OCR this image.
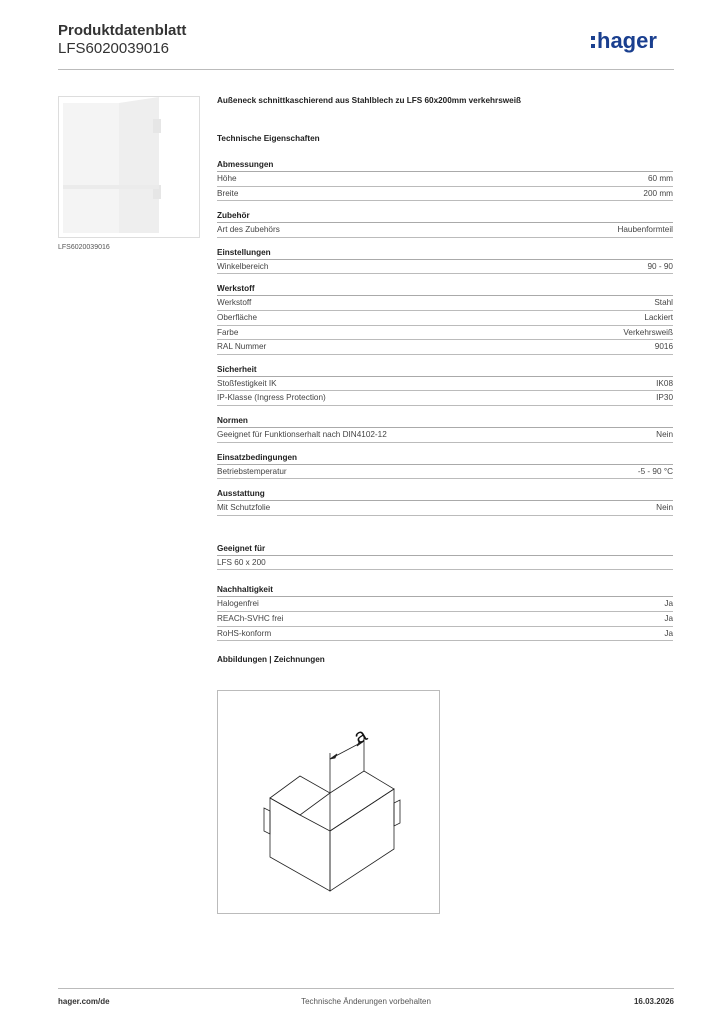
Produktdatenblatt
LFS6020039016	hager
LFS6020039016
Außeneck schnittkaschierend aus Stahlblech zu LFS 60x200mm verkehrsweiß
Technische Eigenschaften
Abmessungen
Höhe	60 mm
Breite	200 mm
Zubehör
Art des Zubehörs	Haubenformteil
Einstellungen
Winkelbereich	90 - 90
Werkstoff
Werkstoff	Stahl
Oberfläche	Lackiert
Farbe	Verkehrsweiß
RAL Nummer	9016
Sicherheit
Stoßfestigkeit IK	IK08
IP-Klasse (Ingress Protection)	IP30
Normen
Geeignet für Funktionserhalt nach DIN4102-12	Nein
Einsatzbedingungen
Betriebstemperatur	-5 - 90 °C
Ausstattung
Mit Schutzfolie	Nein
Geeignet für
LFS 60 x 200
Nachhaltigkeit
Halogenfrei	Ja
REACh-SVHC frei	Ja
RoHS-konform	Ja
Abbildungen | Zeichnungen
a
hager.com/de	Technische Änderungen vorbehalten	16.03.2026
